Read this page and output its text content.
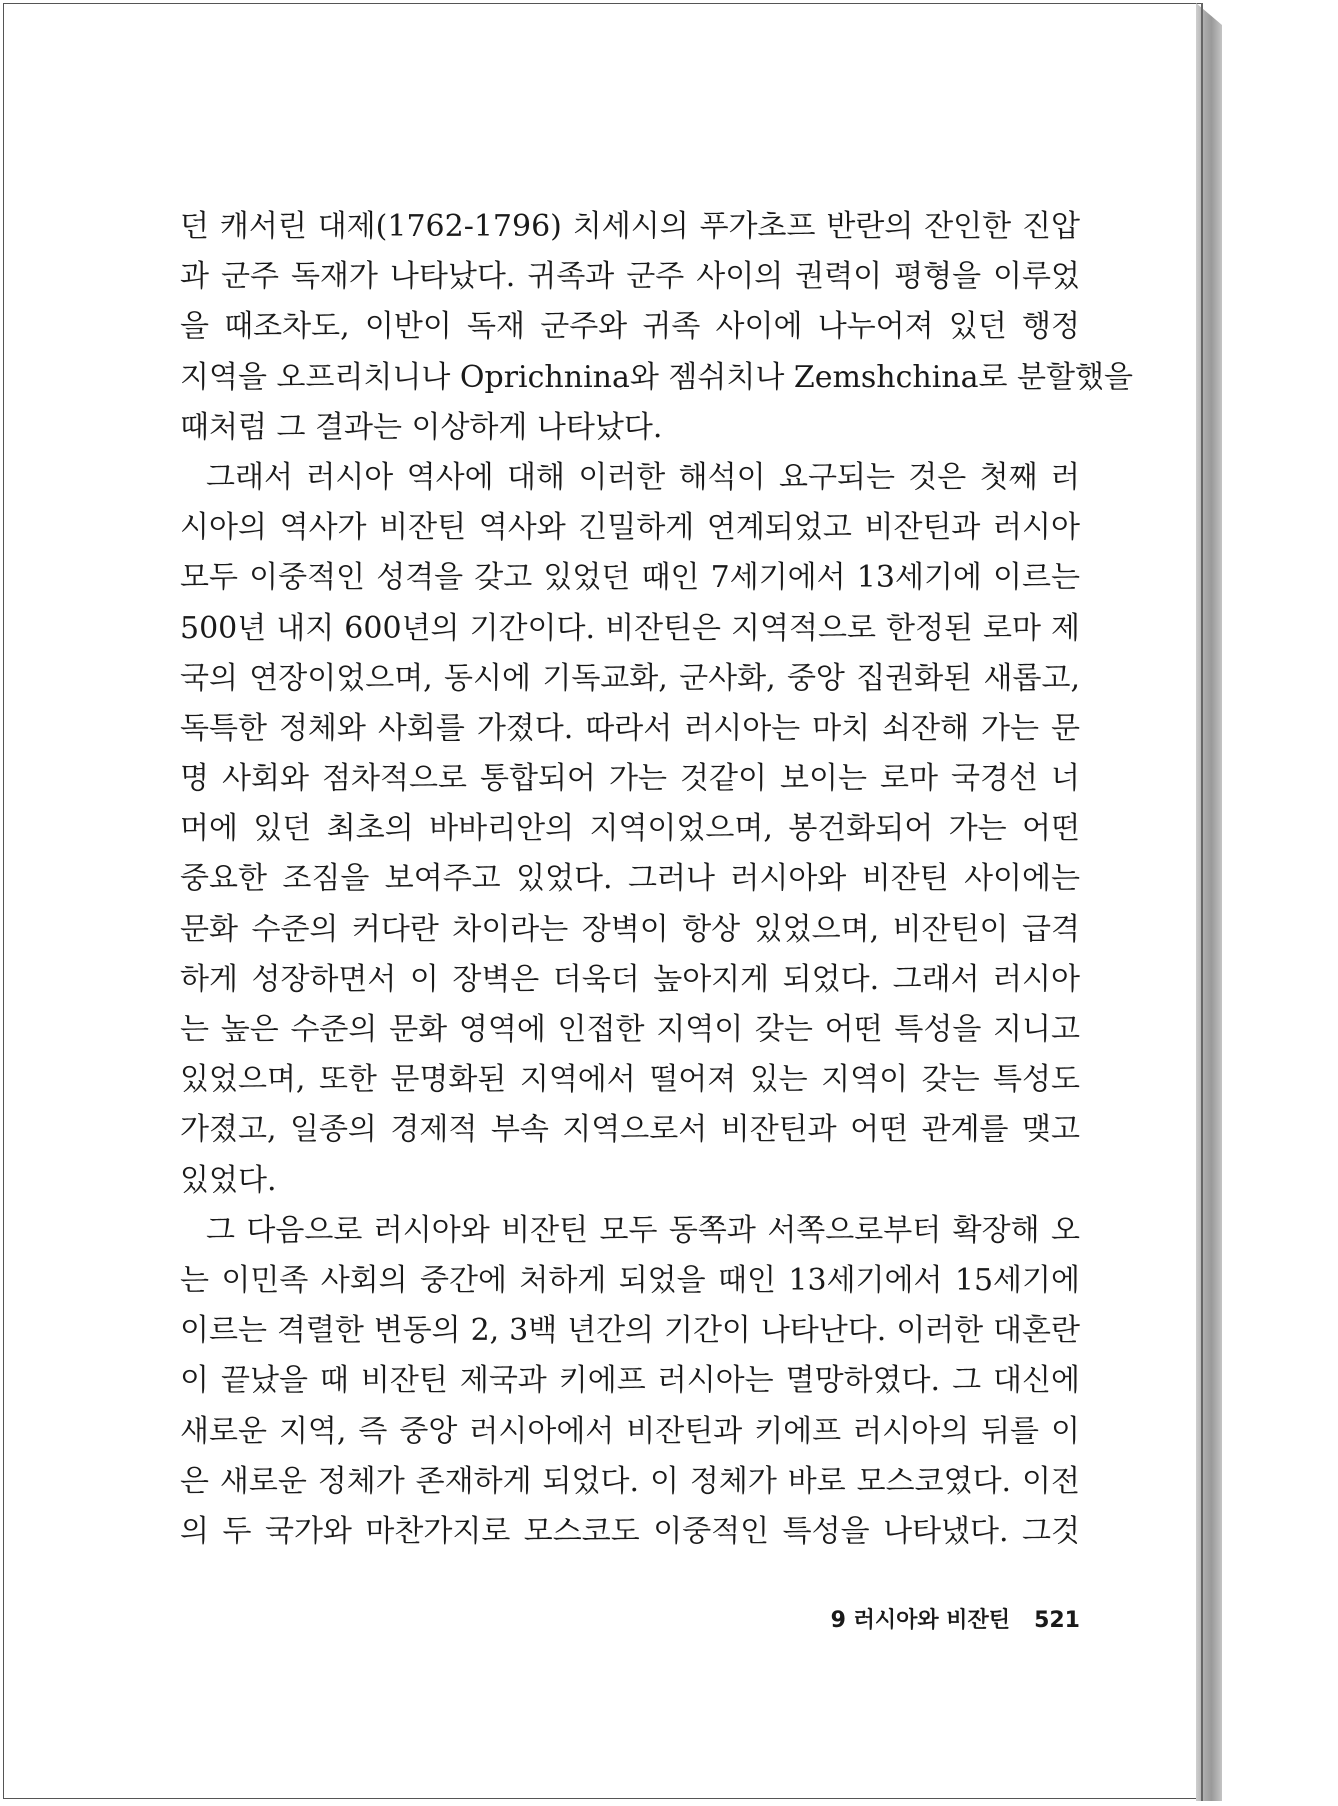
던 캐서린 대제(1762-1796) 치세시의 푸가초프 반란의 잔인한 진압
과 군주 독재가 나타났다. 귀족과 군주 사이의 권력이 평형을 이루었
을 때조차도, 이반이 독재 군주와 귀족 사이에 나누어져 있던 행정
지역을 오프리치니나 Oprichnina와 젬쉬치나 Zemshchina로 분할했을
때처럼 그 결과는 이상하게 나타났다.
그래서 러시아 역사에 대해 이러한 해석이 요구되는 것은 첫째 러
시아의 역사가 비잔틴 역사와 긴밀하게 연계되었고 비잔틴과 러시아
모두 이중적인 성격을 갖고 있었던 때인 7세기에서 13세기에 이르는
500년 내지 600년의 기간이다. 비잔틴은 지역적으로 한정된 로마 제
국의 연장이었으며, 동시에 기독교화, 군사화, 중앙 집권화된 새롭고,
독특한 정체와 사회를 가졌다. 따라서 러시아는 마치 쇠잔해 가는 문
명 사회와 점차적으로 통합되어 가는 것같이 보이는 로마 국경선 너
머에 있던 최초의 바바리안의 지역이었으며, 봉건화되어 가는 어떤
중요한 조짐을 보여주고 있었다. 그러나 러시아와 비잔틴 사이에는
문화 수준의 커다란 차이라는 장벽이 항상 있었으며, 비잔틴이 급격
하게 성장하면서 이 장벽은 더욱더 높아지게 되었다. 그래서 러시아
는 높은 수준의 문화 영역에 인접한 지역이 갖는 어떤 특성을 지니고
있었으며, 또한 문명화된 지역에서 떨어져 있는 지역이 갖는 특성도
가졌고, 일종의 경제적 부속 지역으로서 비잔틴과 어떤 관계를 맺고
있었다.
그 다음으로 러시아와 비잔틴 모두 동쪽과 서쪽으로부터 확장해 오
는 이민족 사회의 중간에 처하게 되었을 때인 13세기에서 15세기에
이르는 격렬한 변동의 2, 3백 년간의 기간이 나타난다. 이러한 대혼란
이 끝났을 때 비잔틴 제국과 키에프 러시아는 멸망하였다. 그 대신에
새로운 지역, 즉 중앙 러시아에서 비잔틴과 키에프 러시아의 뒤를 이
은 새로운 정체가 존재하게 되었다. 이 정체가 바로 모스코였다. 이전
의 두 국가와 마찬가지로 모스코도 이중적인 특성을 나타냈다. 그것
9 러시아와 비잔틴 521
